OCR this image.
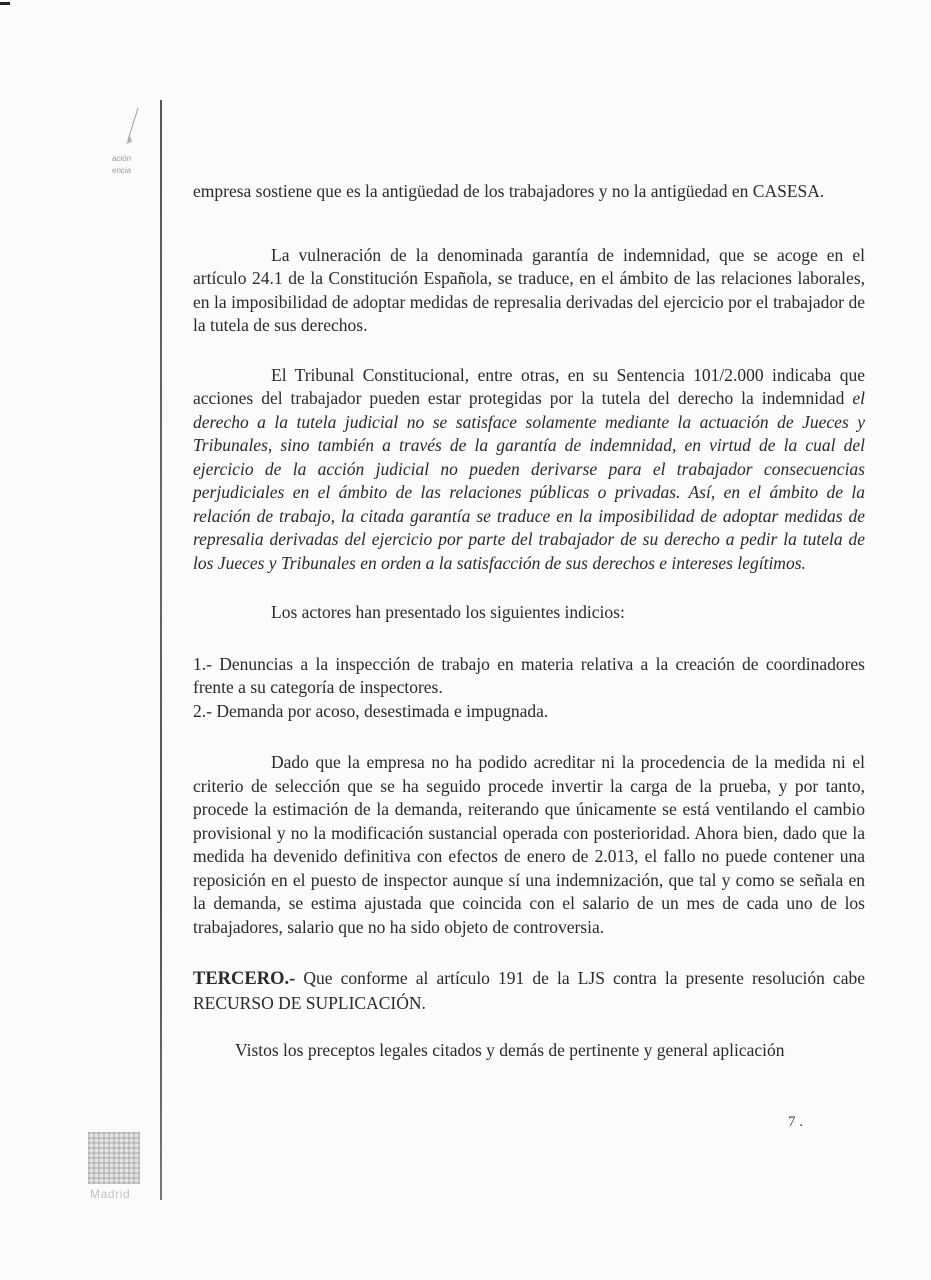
ación
encia
Madrid

empresa sostiene que es la antigüedad de los trabajadores y no la antigüedad en CASESA.

La vulneración de la denominada garantía de indemnidad, que se acoge en el artículo 24.1 de la Constitución Española, se traduce, en el ámbito de las relaciones laborales, en la imposibilidad de adoptar medidas de represalia derivadas del ejercicio por el trabajador de la tutela de sus derechos.

El Tribunal Constitucional, entre otras, en su Sentencia 101/2.000 indicaba que acciones del trabajador pueden estar protegidas por la tutela del derecho la indemnidad el derecho a la tutela judicial no se satisface solamente mediante la actuación de Jueces y Tribunales, sino también a través de la garantía de indemnidad, en virtud de la cual del ejercicio de la acción judicial no pueden derivarse para el trabajador consecuencias perjudiciales en el ámbito de las relaciones públicas o privadas. Así, en el ámbito de la relación de trabajo, la citada garantía se traduce en la imposibilidad de adoptar medidas de represalia derivadas del ejercicio por parte del trabajador de su derecho a pedir la tutela de los Jueces y Tribunales en orden a la satisfacción de sus derechos e intereses legítimos.

Los actores han presentado los siguientes indicios:

1.- Denuncias a la inspección de trabajo en materia relativa a la creación de coordinadores frente a su categoría de inspectores.

2.- Demanda por acoso, desestimada e impugnada.

Dado que la empresa no ha podido acreditar ni la procedencia de la medida ni el criterio de selección que se ha seguido procede invertir la carga de la prueba, y por tanto, procede la estimación de la demanda, reiterando que únicamente se está ventilando el cambio provisional y no la modificación sustancial operada con posterioridad. Ahora bien, dado que la medida ha devenido definitiva con efectos de enero de 2.013, el fallo no puede contener una reposición en el puesto de inspector aunque sí una indemnización, que tal y como se señala en la demanda, se estima ajustada que coincida con el salario de un mes de cada uno de los trabajadores, salario que no ha sido objeto de controversia.

TERCERO.- Que conforme al artículo 191 de la LJS contra la presente resolución cabe RECURSO DE SUPLICACIÓN.

Vistos los preceptos legales citados y demás de pertinente y general aplicación

7 .
